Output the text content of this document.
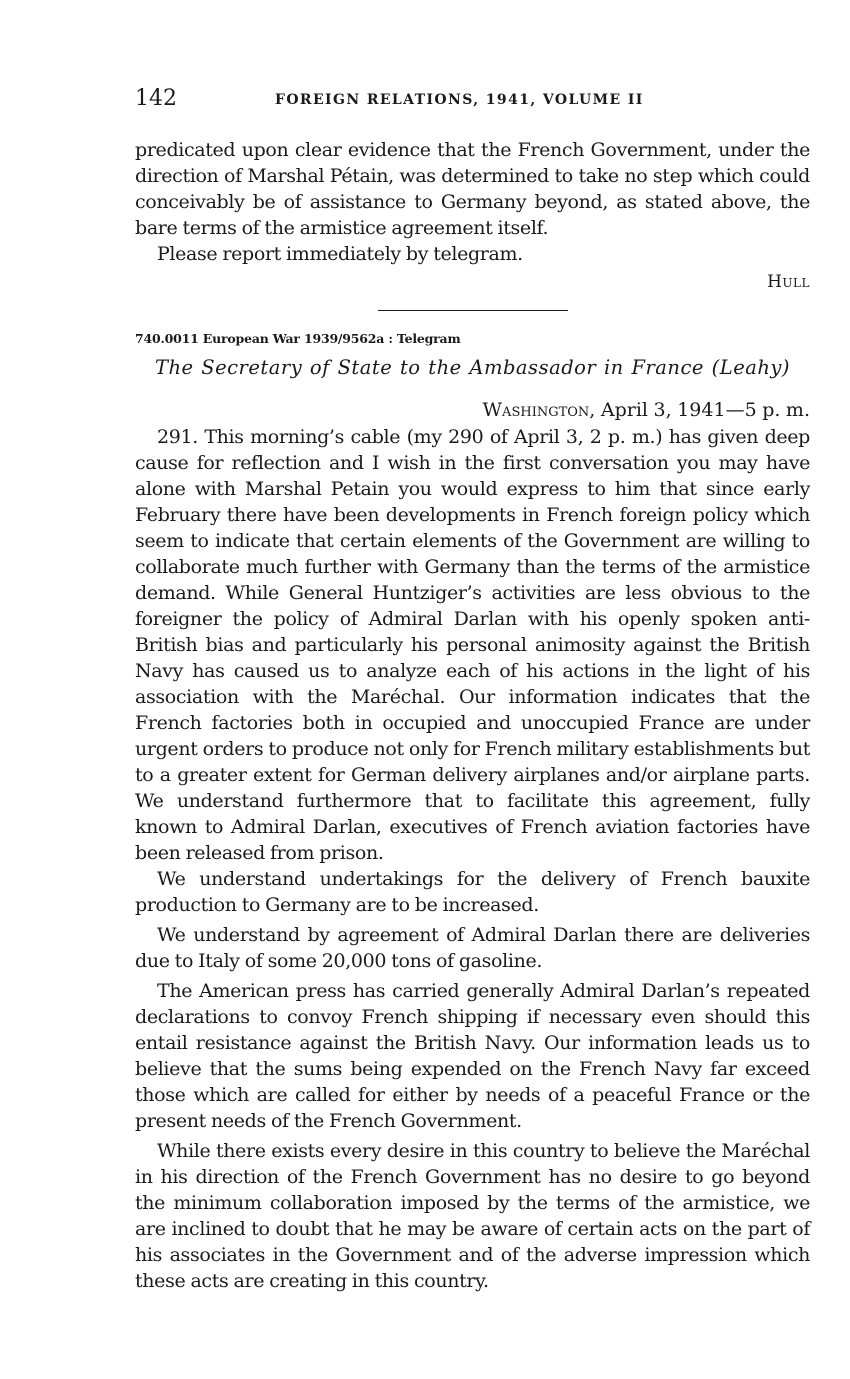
142	FOREIGN RELATIONS, 1941, VOLUME II

predicated upon clear evidence that the French Government, under the direction of Marshal Pétain, was determined to take no step which could conceivably be of assistance to Germany beyond, as stated above, the bare terms of the armistice agreement itself.

Please report immediately by telegram.

Hull
740.0011 European War 1939/9562a : Telegram
The Secretary of State to the Ambassador in France (Leahy)
Washington, April 3, 1941—5 p. m.

291. This morning’s cable (my 290 of April 3, 2 p. m.) has given deep cause for reflection and I wish in the first conversation you may have alone with Marshal Petain you would express to him that since early February there have been developments in French foreign policy which seem to indicate that certain elements of the Government are willing to collaborate much further with Germany than the terms of the armistice demand. While General Huntziger’s activities are less obvious to the foreigner the policy of Admiral Darlan with his openly spoken anti-British bias and particularly his personal animosity against the British Navy has caused us to analyze each of his actions in the light of his association with the Maréchal. Our information indicates that the French factories both in occupied and unoccupied France are under urgent orders to produce not only for French military establishments but to a greater extent for German delivery airplanes and/or airplane parts. We understand furthermore that to facilitate this agreement, fully known to Admiral Darlan, executives of French aviation factories have been released from prison.

We understand undertakings for the delivery of French bauxite production to Germany are to be increased.

We understand by agreement of Admiral Darlan there are deliveries due to Italy of some 20,000 tons of gasoline.

The American press has carried generally Admiral Darlan’s repeated declarations to convoy French shipping if necessary even should this entail resistance against the British Navy. Our information leads us to believe that the sums being expended on the French Navy far exceed those which are called for either by needs of a peaceful France or the present needs of the French Government.

While there exists every desire in this country to believe the Maréchal in his direction of the French Government has no desire to go beyond the minimum collaboration imposed by the terms of the armistice, we are inclined to doubt that he may be aware of certain acts on the part of his associates in the Government and of the adverse impression which these acts are creating in this country.
